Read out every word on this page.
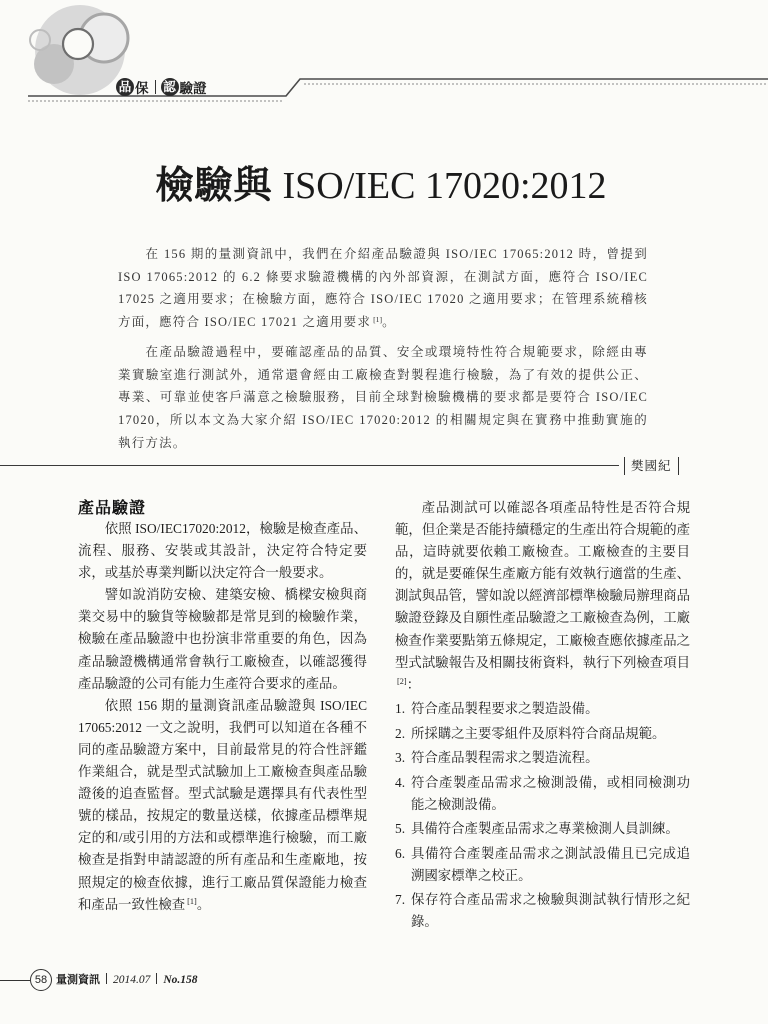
品 保 認 驗證
檢驗與 ISO/IEC 17020:2012

在 156 期的量測資訊中，我們在介紹產品驗證與 ISO/IEC 17065:2012 時，曾提到 ISO 17065:2012 的 6.2 條要求驗證機構的內外部資源，在測試方面，應符合 ISO/IEC 17025 之適用要求；在檢驗方面，應符合 ISO/IEC 17020 之適用要求；在管理系統稽核方面，應符合 ISO/IEC 17021 之適用要求 [1]。

在產品驗證過程中，要確認產品的品質、安全或環境特性符合規範要求，除經由專業實驗室進行測試外，通常還會經由工廠檢查對製程進行檢驗，為了有效的提供公正、專業、可靠並使客戶滿意之檢驗服務，目前全球對檢驗機構的要求都是要符合 ISO/IEC 17020，所以本文為大家介紹 ISO/IEC 17020:2012 的相關規定與在實務中推動實施的執行方法。

樊國紀
產品驗證

依照 ISO/IEC17020:2012，檢驗是檢查產品、流程、服務、安裝或其設計，決定符合特定要求，或基於專業判斷以決定符合一般要求。

譬如說消防安檢、建築安檢、橋樑安檢與商業交易中的驗貨等檢驗都是常見到的檢驗作業，檢驗在產品驗證中也扮演非常重要的角色，因為產品驗證機構通常會執行工廠檢查，以確認獲得產品驗證的公司有能力生產符合要求的產品。

依照 156 期的量測資訊產品驗證與 ISO/IEC 17065:2012 一文之說明，我們可以知道在各種不同的產品驗證方案中，目前最常見的符合性評鑑作業組合，就是型式試驗加上工廠檢查與產品驗證後的追查監督。型式試驗是選擇具有代表性型號的樣品，按規定的數量送樣，依據產品標準規定的和/或引用的方法和或標準進行檢驗，而工廠檢查是指對申請認證的所有產品和生產廠地，按照規定的檢查依據，進行工廠品質保證能力檢查和產品一致性檢查 [1]。

產品測試可以確認各項產品特性是否符合規範，但企業是否能持續穩定的生產出符合規範的產品，這時就要依賴工廠檢查。工廠檢查的主要目的，就是要確保生產廠方能有效執行適當的生產、測試與品管，譬如說以經濟部標準檢驗局辦理商品驗證登錄及自願性產品驗證之工廠檢查為例，工廠檢查作業要點第五條規定，工廠檢查應依據產品之型式試驗報告及相關技術資料，執行下列檢查項目[2]：

1. 符合產品製程要求之製造設備。
2. 所採購之主要零組件及原料符合商品規範。
3. 符合產品製程需求之製造流程。
4. 符合產製產品需求之檢測設備，或相同檢測功能之檢測設備。
5. 具備符合產製產品需求之專業檢測人員訓練。
6. 具備符合產製產品需求之測試設備且已完成追溯國家標準之校正。
7. 保存符合產品需求之檢驗與測試執行情形之紀錄。
58 量測資訊 2014.07 No.158
